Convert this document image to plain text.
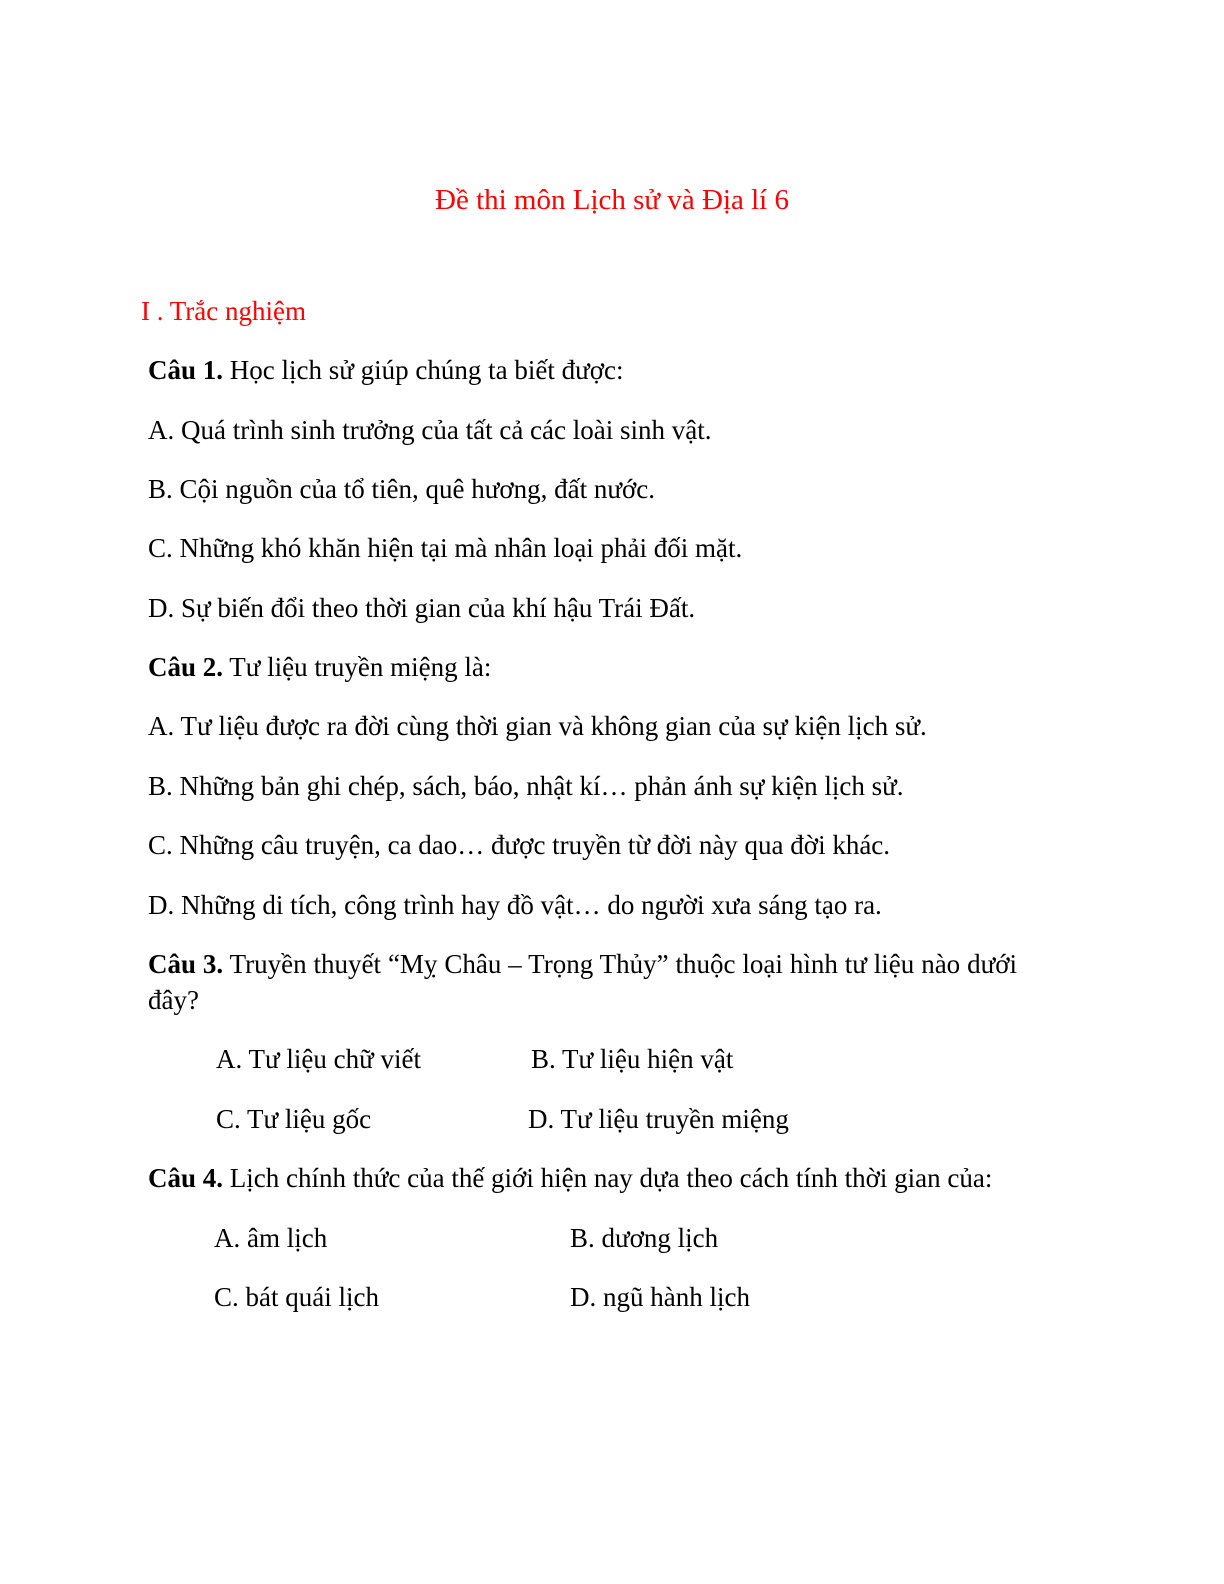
Đề thi môn Lịch sử và Địa lí 6
I . Trắc nghiệm
Câu 1. Học lịch sử giúp chúng ta biết được:
A. Quá trình sinh trưởng của tất cả các loài sinh vật.
B. Cội nguồn của tổ tiên, quê hương, đất nước.
C. Những khó khăn hiện tại mà nhân loại phải đối mặt.
D. Sự biến đổi theo thời gian của khí hậu Trái Đất.
Câu 2. Tư liệu truyền miệng là:
A. Tư liệu được ra đời cùng thời gian và không gian của sự kiện lịch sử.
B. Những bản ghi chép, sách, báo, nhật kí… phản ánh sự kiện lịch sử.
C. Những câu truyện, ca dao… được truyền từ đời này qua đời khác.
D. Những di tích, công trình hay đồ vật… do người xưa sáng tạo ra.
Câu 3. Truyền thuyết “Mỵ Châu – Trọng Thủy” thuộc loại hình tư liệu nào dưới đây?
A. Tư liệu chữ viết	B. Tư liệu hiện vật
C. Tư liệu gốc	D. Tư liệu truyền miệng
Câu 4. Lịch chính thức của thế giới hiện nay dựa theo cách tính thời gian của:
A. âm lịch	B. dương lịch
C. bát quái lịch	D. ngũ hành lịch
